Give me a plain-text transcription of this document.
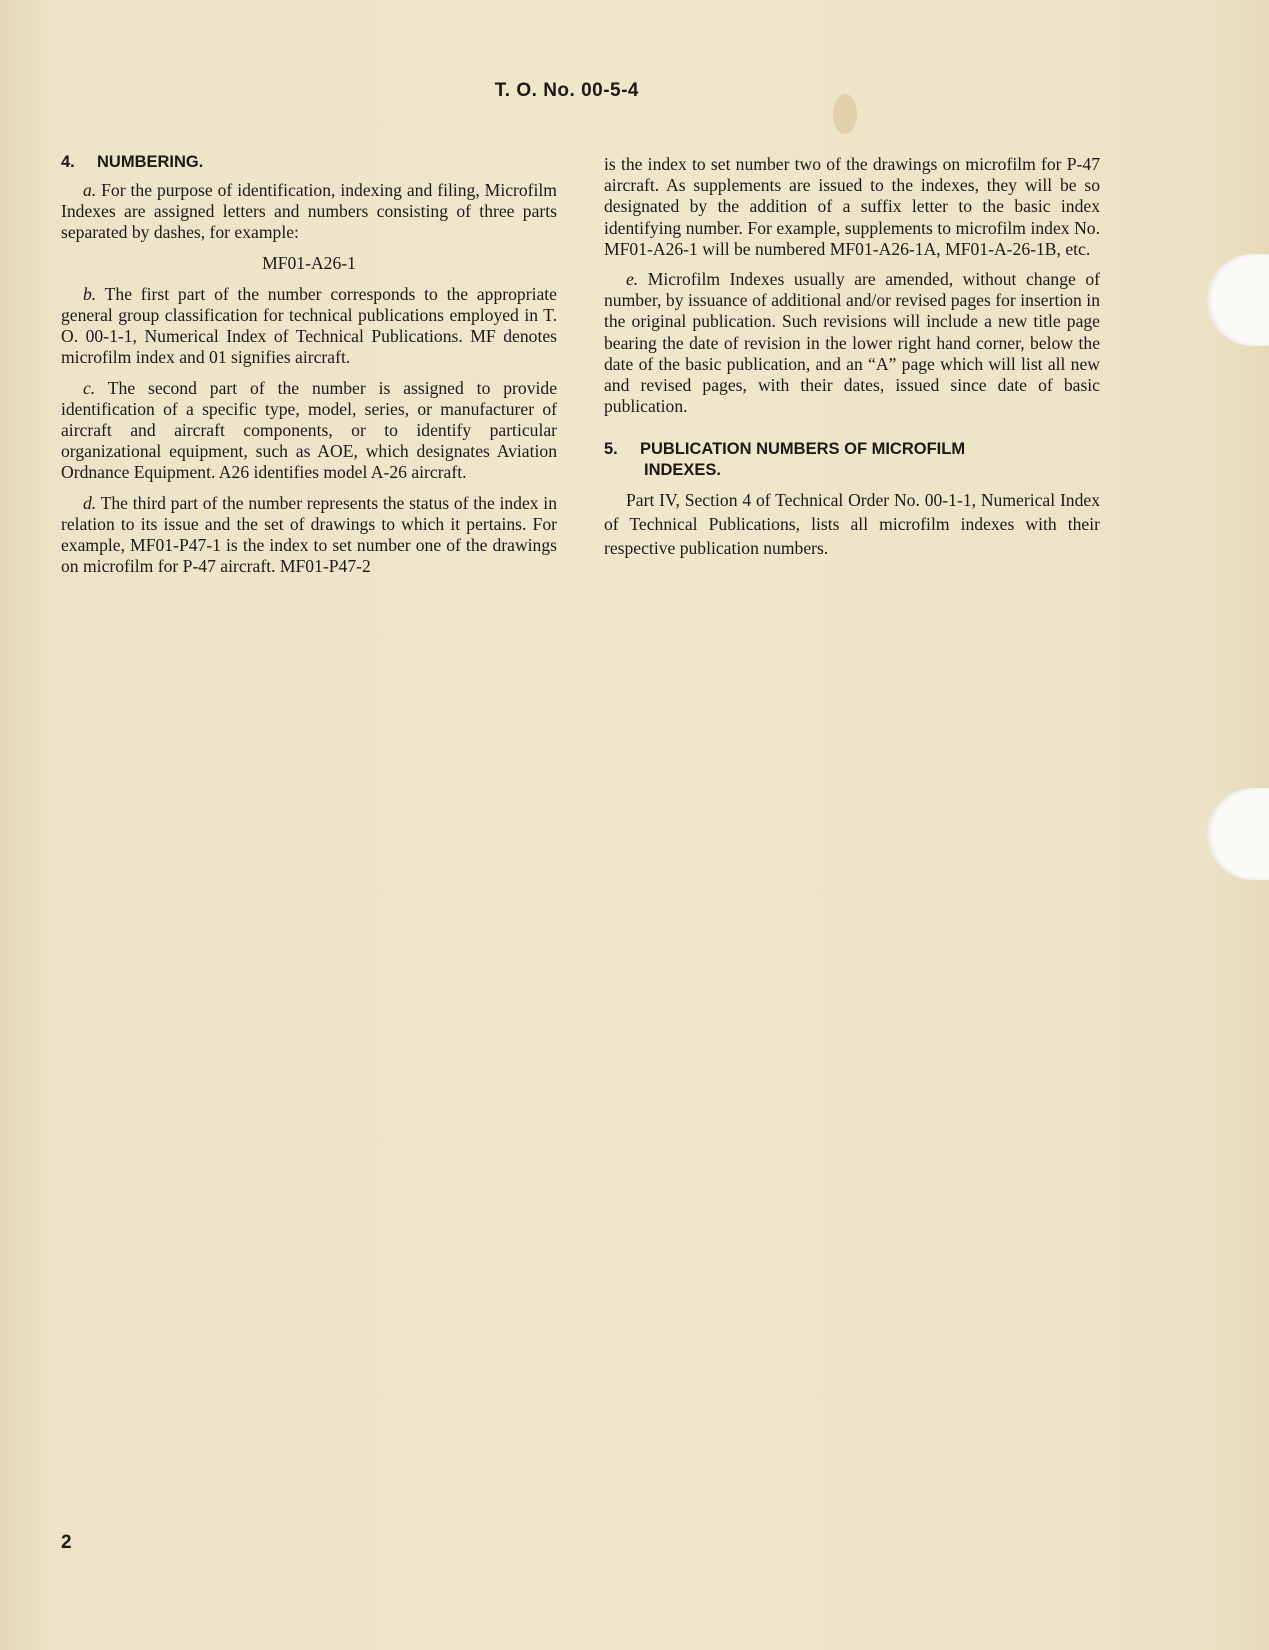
T. O. No. 00-5-4
4. NUMBERING.

a. For the purpose of identification, indexing and filing, Microfilm Indexes are assigned letters and numbers consisting of three parts separated by dashes, for example:

MF01-A26-1

b. The first part of the number corresponds to the appropriate general group classification for technical publications employed in T. O. 00-1-1, Numerical Index of Technical Publications. MF denotes microfilm index and 01 signifies aircraft.

c. The second part of the number is assigned to provide identification of a specific type, model, series, or manufacturer of aircraft and aircraft components, or to identify particular organizational equipment, such as AOE, which designates Aviation Ordnance Equipment. A26 identifies model A-26 aircraft.

d. The third part of the number represents the status of the index in relation to its issue and the set of drawings to which it pertains. For example, MF01-P47-1 is the index to set number one of the drawings on microfilm for P-47 aircraft. MF01-P47-2

is the index to set number two of the drawings on microfilm for P-47 aircraft. As supplements are issued to the indexes, they will be so designated by the addition of a suffix letter to the basic index identifying number. For example, supplements to microfilm index No. MF01-A26-1 will be numbered MF01-A26-1A, MF01-A-26-1B, etc.

e. Microfilm Indexes usually are amended, without change of number, by issuance of additional and/or revised pages for insertion in the original publication. Such revisions will include a new title page bearing the date of revision in the lower right hand corner, below the date of the basic publication, and an “A” page which will list all new and revised pages, with their dates, issued since date of basic publication.

5. PUBLICATION NUMBERS OF MICROFILM
INDEXES.

Part IV, Section 4 of Technical Order No. 00-1-1, Numerical Index of Technical Publications, lists all microfilm indexes with their respective publication numbers.

2
